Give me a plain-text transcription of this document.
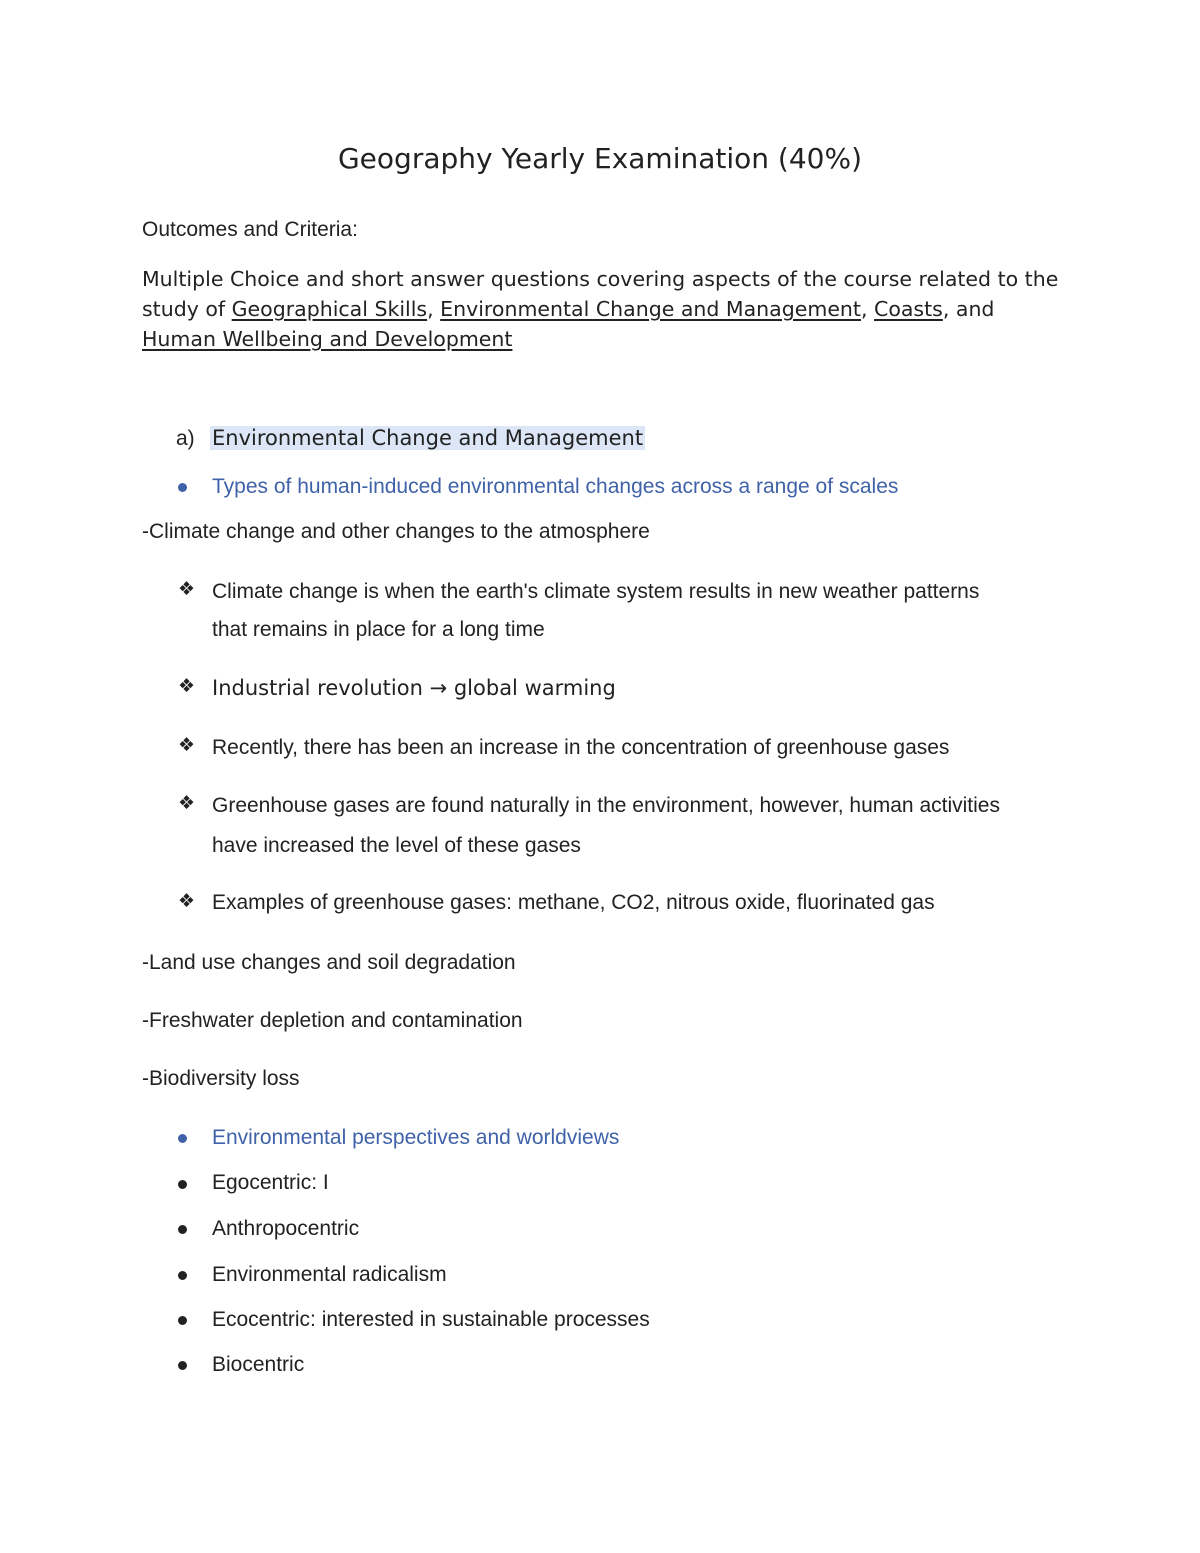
Geography Yearly Examination (40%)
Outcomes and Criteria:
Multiple Choice and short answer questions covering aspects of the course related to the study of Geographical Skills, Environmental Change and Management, Coasts, and Human Wellbeing and Development
a) Environmental Change and Management
Types of human-induced environmental changes across a range of scales
-Climate change and other changes to the atmosphere
❖ Climate change is when the earth's climate system results in new weather patterns
that remains in place for a long time
❖ Industrial revolution → global warming
❖ Recently, there has been an increase in the concentration of greenhouse gases
❖ Greenhouse gases are found naturally in the environment, however, human activities
have increased the level of these gases
❖ Examples of greenhouse gases: methane, CO2, nitrous oxide, fluorinated gas
-Land use changes and soil degradation
-Freshwater depletion and contamination
-Biodiversity loss
Environmental perspectives and worldviews
Egocentric: I
Anthropocentric
Environmental radicalism
Ecocentric: interested in sustainable processes
Biocentric
